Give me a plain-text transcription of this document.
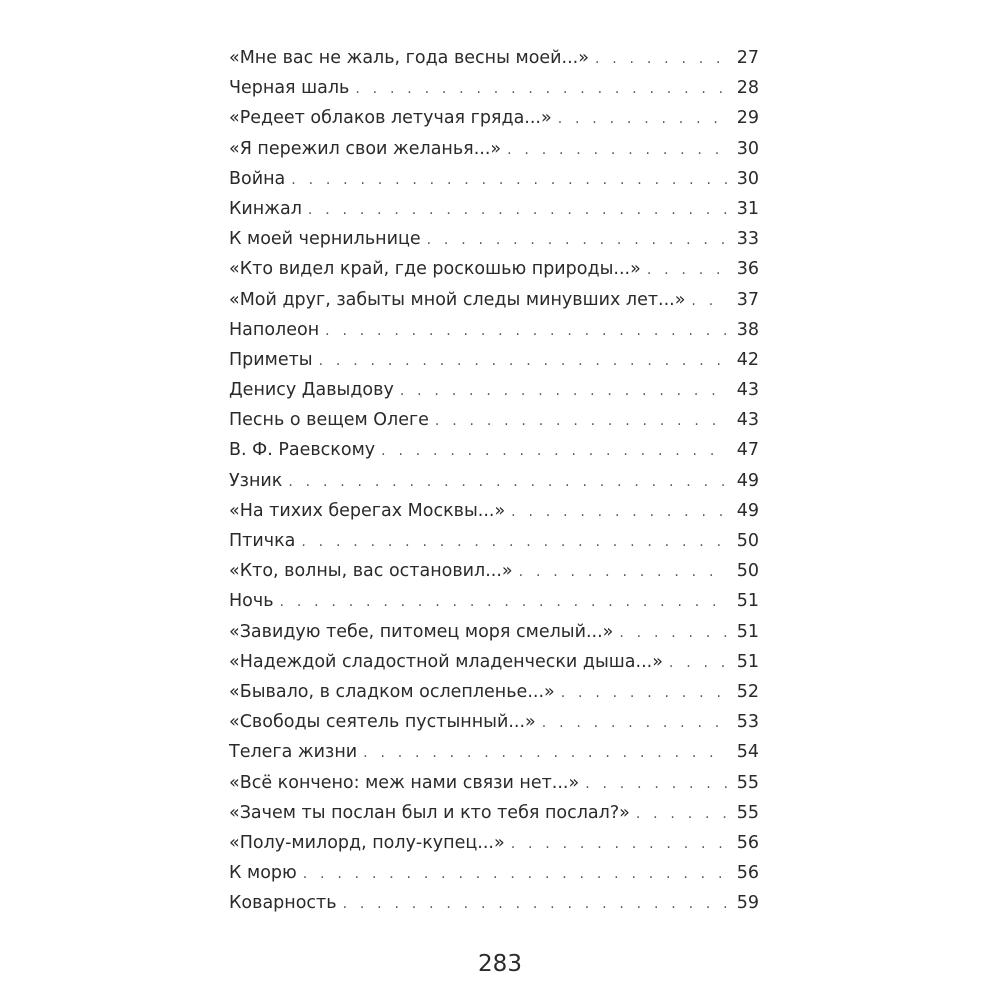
«Мне вас не жаль, года весны моей...» . . .	27
Черная шаль . . .	28
«Редеет облаков летучая гряда...» . . .	29
«Я пережил свои желанья...» . . .	30
Война . . .	30
Кинжал . . .	31
К моей чернильнице . . .	33
«Кто видел край, где роскошью природы...» . . .	36
«Мой друг, забыты мной следы минувших лет...» . . .	37
Наполеон . . .	38
Приметы . . .	42
Денису Давыдову . . .	43
Песнь о вещем Олеге . . .	43
В. Ф. Раевскому . . .	47
Узник . . .	49
«На тихих берегах Москвы...» . . .	49
Птичка . . .	50
«Кто, волны, вас остановил...» . . .	50
Ночь . . .	51
«Завидую тебе, питомец моря смелый...» . . .	51
«Надеждой сладостной младенчески дыша...» . . .	51
«Бывало, в сладком ослепленье...» . . .	52
«Свободы сеятель пустынный...» . . .	53
Телега жизни . . .	54
«Всё кончено: меж нами связи нет...» . . .	55
«Зачем ты послан был и кто тебя послал?» . . .	55
«Полу-милорд, полу-купец...» . . .	56
К морю . . .	56
Коварность . . .	59
283
